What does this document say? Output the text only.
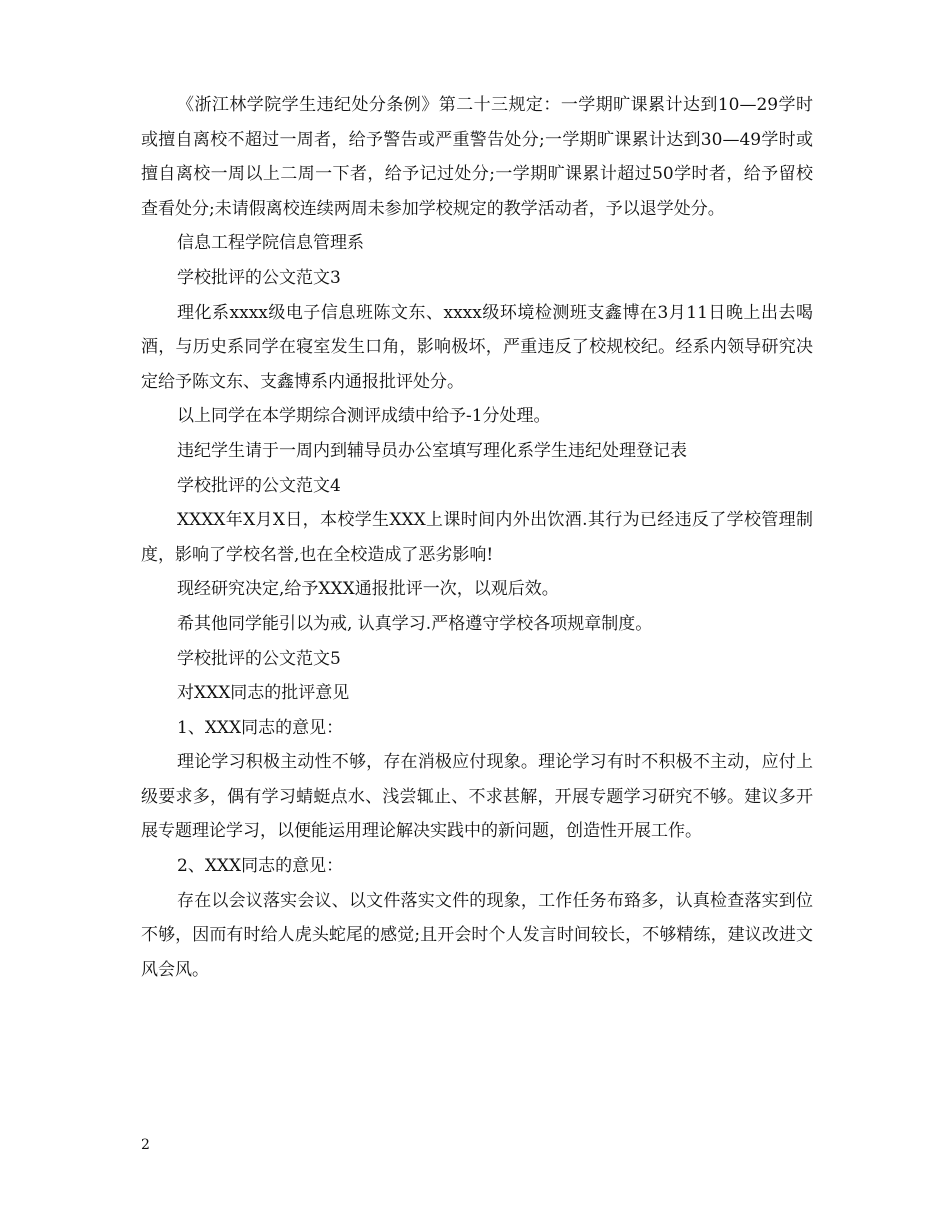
《浙江林学院学生违纪处分条例》第二十三规定：一学期旷课累计达到10—29学时或擅自离校不超过一周者，给予警告或严重警告处分;一学期旷课累计达到30—49学时或擅自离校一周以上二周一下者，给予记过处分;一学期旷课累计超过50学时者，给予留校查看处分;未请假离校连续两周未参加学校规定的教学活动者，予以退学处分。

信息工程学院信息管理系

学校批评的公文范文3

理化系xxxx级电子信息班陈文东、xxxx级环境检测班支鑫博在3月11日晚上出去喝酒，与历史系同学在寝室发生口角，影响极坏，严重违反了校规校纪。经系内领导研究决定给予陈文东、支鑫博系内通报批评处分。

以上同学在本学期综合测评成绩中给予-1分处理。

违纪学生请于一周内到辅导员办公室填写理化系学生违纪处理登记表

学校批评的公文范文4

XXXX年X月X日，本校学生XXX上课时间内外出饮酒.其行为已经违反了学校管理制度，影响了学校名誉,也在全校造成了恶劣影响!

现经研究决定,给予XXX通报批评一次，以观后效。

希其他同学能引以为戒, 认真学习.严格遵守学校各项规章制度。

学校批评的公文范文5

对XXX同志的批评意见

1、XXX同志的意见：

理论学习积极主动性不够，存在消极应付现象。理论学习有时不积极不主动，应付上级要求多，偶有学习蜻蜓点水、浅尝辄止、不求甚解，开展专题学习研究不够。建议多开展专题理论学习，以便能运用理论解决实践中的新问题，创造性开展工作。

2、XXX同志的意见：

存在以会议落实会议、以文件落实文件的现象，工作任务布臵多，认真检查落实到位不够，因而有时给人虎头蛇尾的感觉;且开会时个人发言时间较长，不够精练，建议改进文风会风。

2
